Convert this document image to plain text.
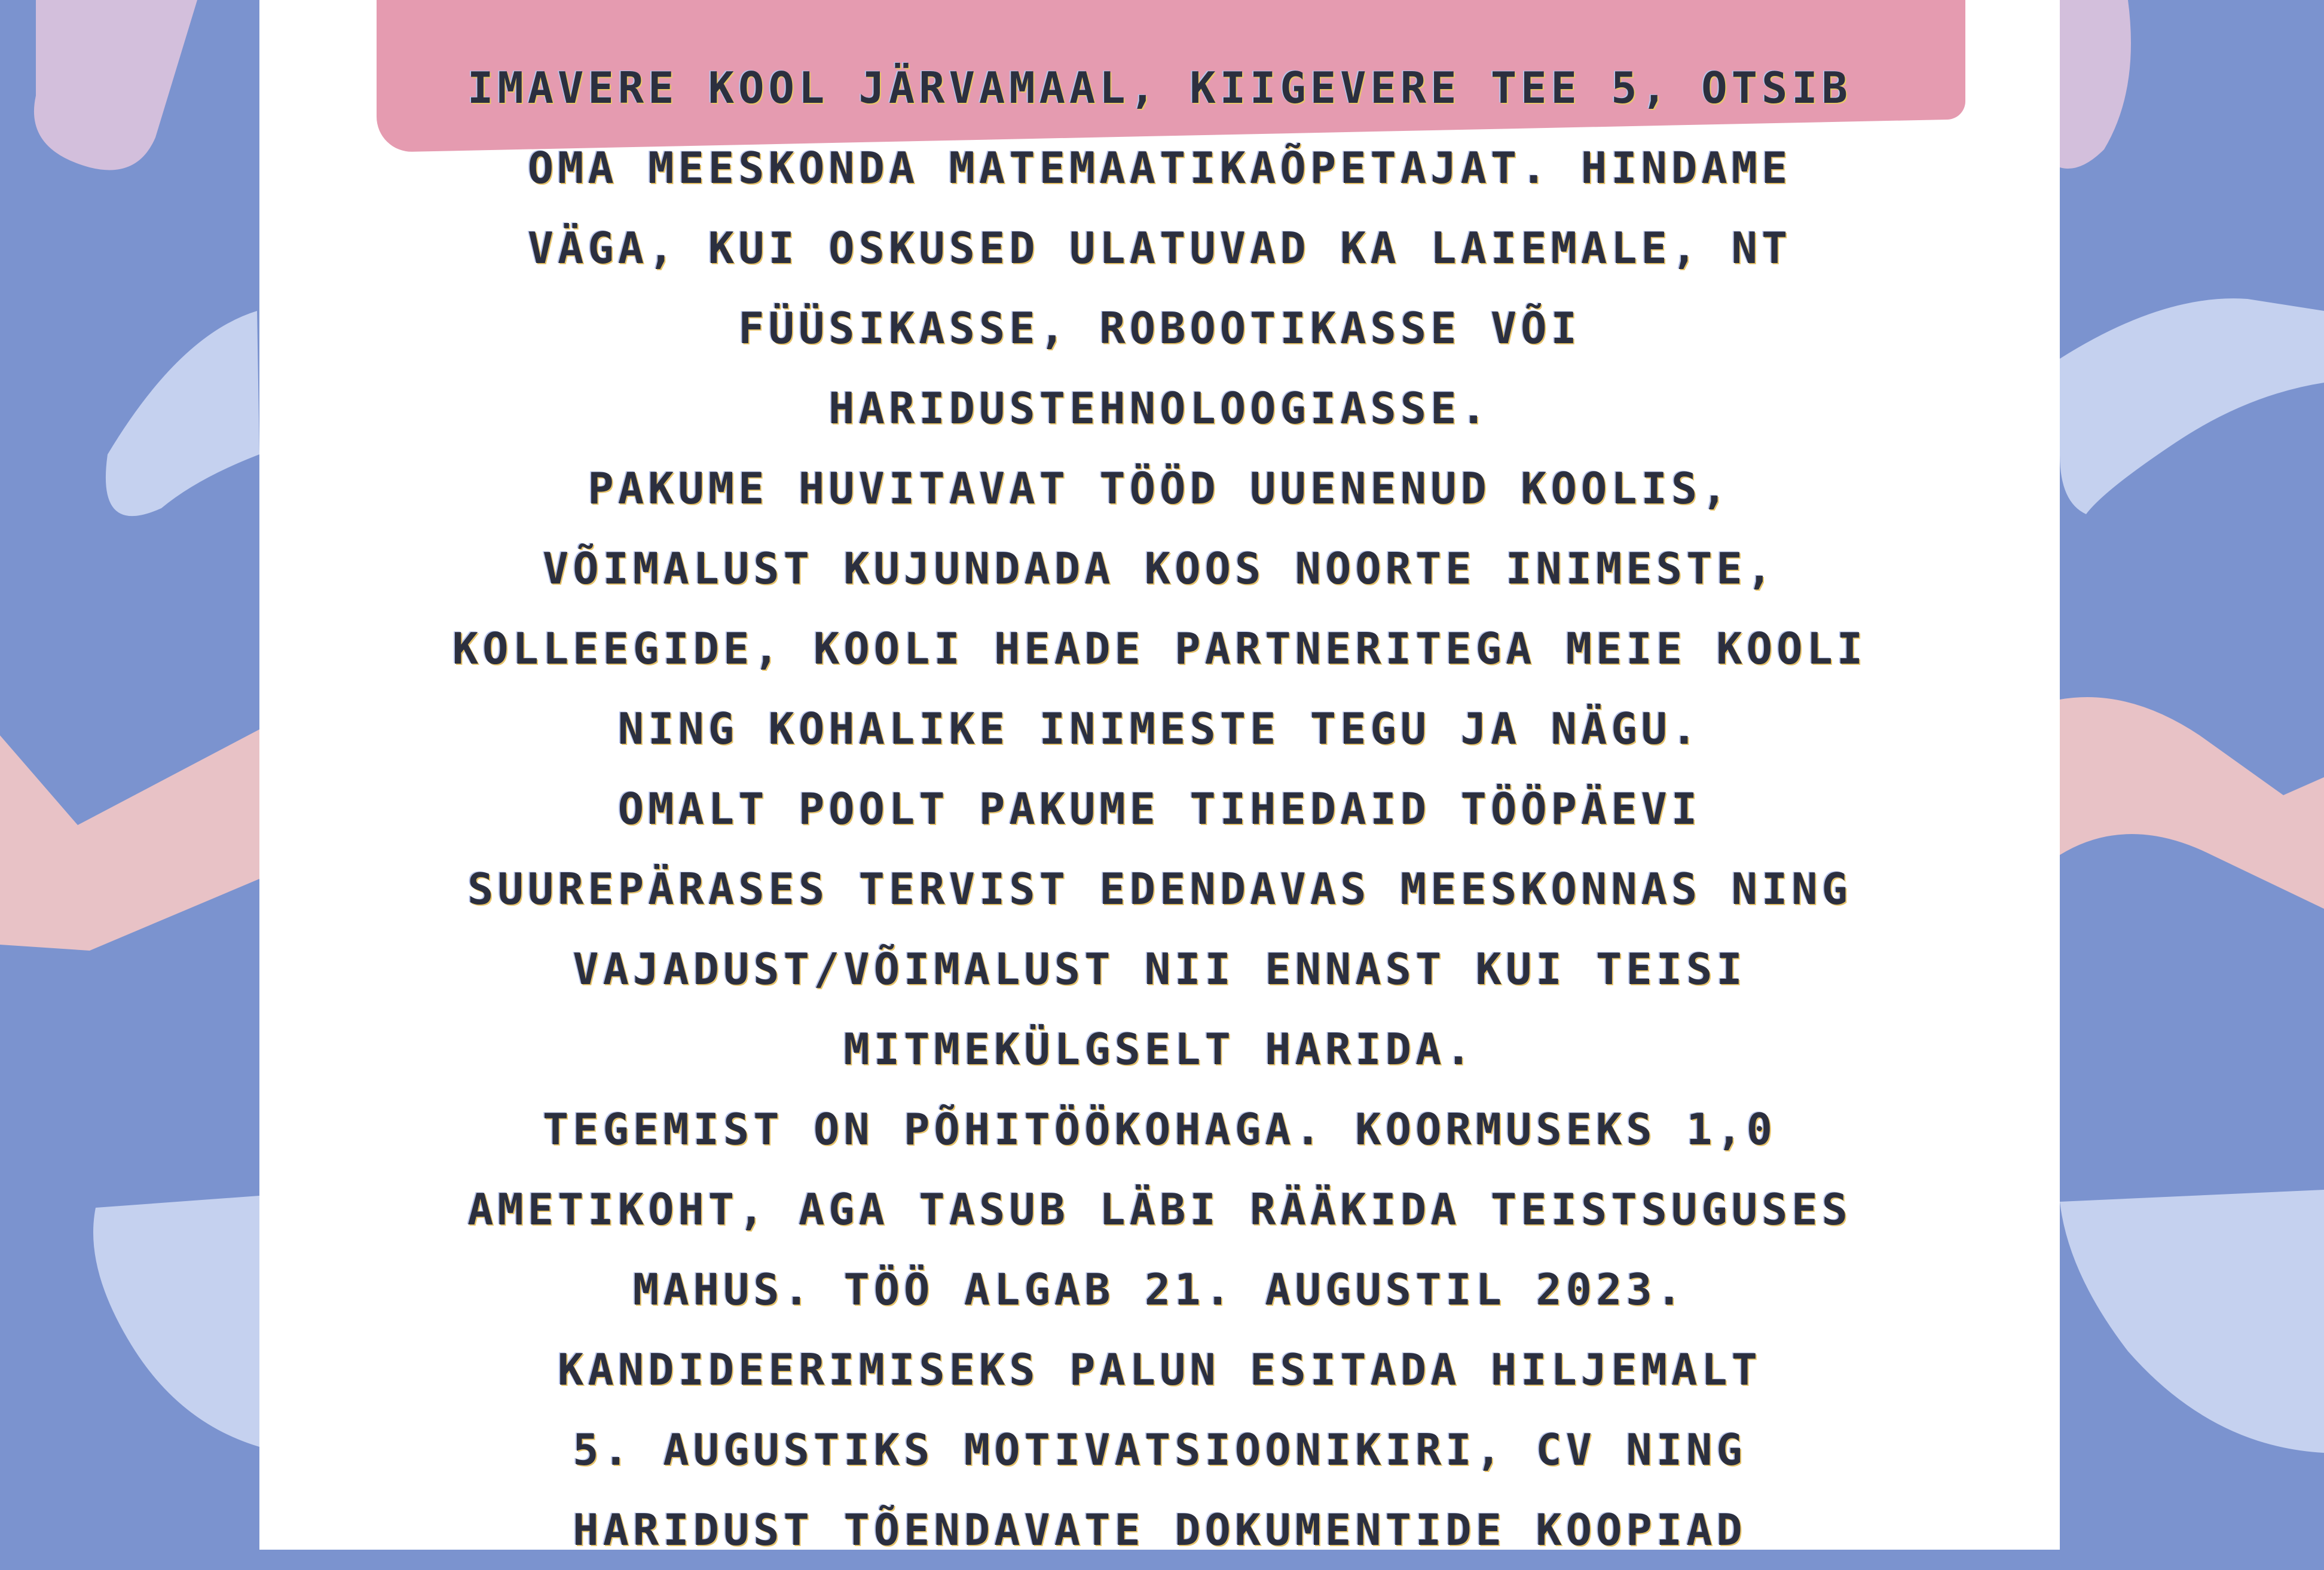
IMAVERE KOOL JÄRVAMAAL, KIIGEVERE TEE 5, OTSIB
OMA MEESKONDA MATEMAATIKAÕPETAJAT. HINDAME
VÄGA, KUI OSKUSED ULATUVAD KA LAIEMALE, NT
FÜÜSIKASSE, ROBOOTIKASSE VÕI
HARIDUSTEHNOLOOGIASSE.
PAKUME HUVITAVAT TÖÖD UUENENUD KOOLIS,
VÕIMALUST KUJUNDADA KOOS NOORTE INIMESTE,
KOLLEEGIDE, KOOLI HEADE PARTNERITEGA MEIE KOOLI
NING KOHALIKE INIMESTE TEGU JA NÄGU.
OMALT POOLT PAKUME TIHEDAID TÖÖPÄEVI
SUUREPÄRASES TERVIST EDENDAVAS MEESKONNAS NING
VAJADUST/VÕIMALUST NII ENNAST KUI TEISI
MITMEKÜLGSELT HARIDA.
TEGEMIST ON PÕHITÖÖKOHAGA. KOORMUSEKS 1,0
AMETIKOHT, AGA TASUB LÄBI RÄÄKIDA TEISTSUGUSES
MAHUS. TÖÖ ALGAB 21. AUGUSTIL 2023.
KANDIDEERIMISEKS PALUN ESITADA HILJEMALT
5. AUGUSTIKS MOTIVATSIOONIKIRI, CV NING
HARIDUST TÕENDAVATE DOKUMENTIDE KOOPIAD
